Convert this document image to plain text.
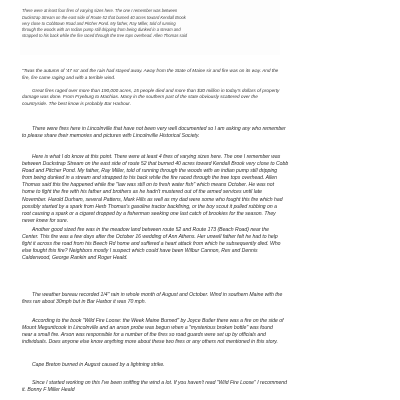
There were at least four fires of varying sizes here. The one I remember was between
Duckstrap Stream on the east side of Route 52 that burned 40 acres toward Kendall Brook
very close to Cobbtown Road and Pitcher Pond. My father, Ray Miller, told of running
through the woods with an Indian pump still dripping from being dunked in a stream and
strapped to his back while the fire raced through the tree tops overhead. Allen Thomas said
"Twas the autumn of '47 so' and the rain had stayed away. Away from the State of Maine sir and fire was on its way. And the
fire, fire came raging and with a terrible wind.

Great fires raged over more than 190,000 acres, 15 people died and more than $30 million in today's dollars of property
damage was done. From Fryeburg to Machias. Many in the southern part of the state obviously scattered over the
countryside. The best know is probably Bar Harbour.
There were fires here in Lincolnville that have not been very well documented so I am asking any who remember
to please share their memories and pictures with Lincolnville Historical Society.
Here is what I do know at this point. There were at least 4 fires of varying sizes here. The one I remember was
between Duckstrap Stream on the east side of route 52 that burned 40 acres toward Kendall Brook very close to Cobb
Road and Pitcher Pond. My father, Ray Miller, told of running through the woods with an indian pump still dripping
from being dunked in a stream and strapped to his back while the fire raced through the tree tops overhead. Allen
Thomas said this fire happened while the "law was still on to fresh water fish" which means October. He was not
home to fight the fire with his father and brothers as he hadn't mustered out of the armed services until late
November. Harold Durham, several Pattens, Mark Hills as well as my dad were some who fought this fire which had
possibly started by a spark from Herb Thomas's gasoline tractor backfiring, or the boy scout it pulled rubbing on a
root causing a spark or a cigaret dropped by a fisherman seeking one last catch of brookies for the season. They
never knew for sure.
Another good sized fire was in the meadow land between route 52 and Route 173 (Beach Road) near the
Center. This fire was a few days after the October 16 wedding of Ann Athens. Her unwell father felt he had to help
fight it across the road from his Beech Rd home and suffered a heart attack from which he subsequently died. Who
else fought this fire? Neighbors mostly I suspect which could have been Wilbur Cannon, Rex and Dennis
Calderwood, George Rankin and Roger Heald.
The weather bureau recorded 1/4" rain in whole month of August and October. Wind in southern Maine with the
fires ran about 30mph but in Bar Harbor it was 70 mph.
According to the book "Wild Fire Loose: the Week Maine Burned" by Joyce Butler there was a fire on the side of
Mount Megunticook in Lincolnville and an arson probe was begun when a "mysterious broken bottle" was found
near a small fire. Arson was responsible for a number of the fires so road guards were set up by officials and
individuals. Does anyone else know anything more about these two fires or any others not mentioned in this story.
Cape Breton burned in August caused by a lightning strike.
Since I started working on this I've been sniffing the wind a lot. If you haven't read "Wild Fire Loose" I recommend
it. Bonny F Miller Heald
